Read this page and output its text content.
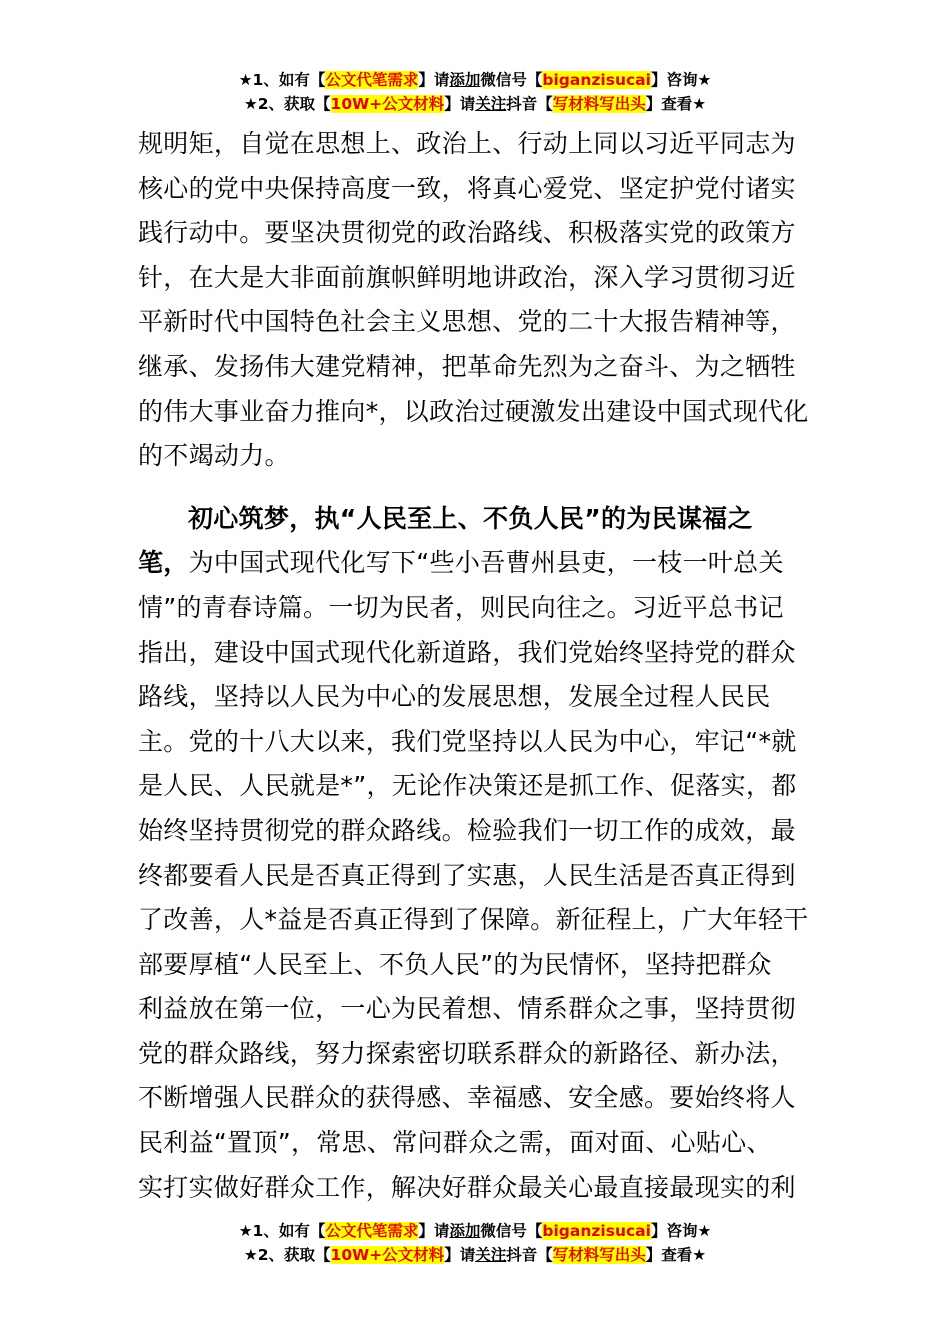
★1、如有【公文代笔需求】请添加微信号【biganzisucai】咨询★
★2、获取【10W+公文材料】请关注抖音【写材料写出头】查看★
规明矩，自觉在思想上、政治上、行动上同以习近平同志为
核心的党中央保持高度一致，将真心爱党、坚定护党付诸实
践行动中。要坚决贯彻党的政治路线、积极落实党的政策方
针，在大是大非面前旗帜鲜明地讲政治，深入学习贯彻习近
平新时代中国特色社会主义思想、党的二十大报告精神等，
继承、发扬伟大建党精神，把革命先烈为之奋斗、为之牺牲
的伟大事业奋力推向*，以政治过硬激发出建设中国式现代化
的不竭动力。
初心筑梦，执“人民至上、不负人民”的为民谋福之
笔，为中国式现代化写下“些小吾曹州县吏，一枝一叶总关
情”的青春诗篇。一切为民者，则民向往之。习近平总书记
指出，建设中国式现代化新道路，我们党始终坚持党的群众
路线，坚持以人民为中心的发展思想，发展全过程人民民
主。党的十八大以来，我们党坚持以人民为中心，牢记“*就
是人民、人民就是*”，无论作决策还是抓工作、促落实，都
始终坚持贯彻党的群众路线。检验我们一切工作的成效，最
终都要看人民是否真正得到了实惠，人民生活是否真正得到
了改善，人*益是否真正得到了保障。新征程上，广大年轻干
部要厚植“人民至上、不负人民”的为民情怀，坚持把群众
利益放在第一位，一心为民着想、情系群众之事，坚持贯彻
党的群众路线，努力探索密切联系群众的新路径、新办法，
不断增强人民群众的获得感、幸福感、安全感。要始终将人
民利益“置顶”，常思、常问群众之需，面对面、心贴心、
实打实做好群众工作，解决好群众最关心最直接最现实的利
★1、如有【公文代笔需求】请添加微信号【biganzisucai】咨询★
★2、获取【10W+公文材料】请关注抖音【写材料写出头】查看★
